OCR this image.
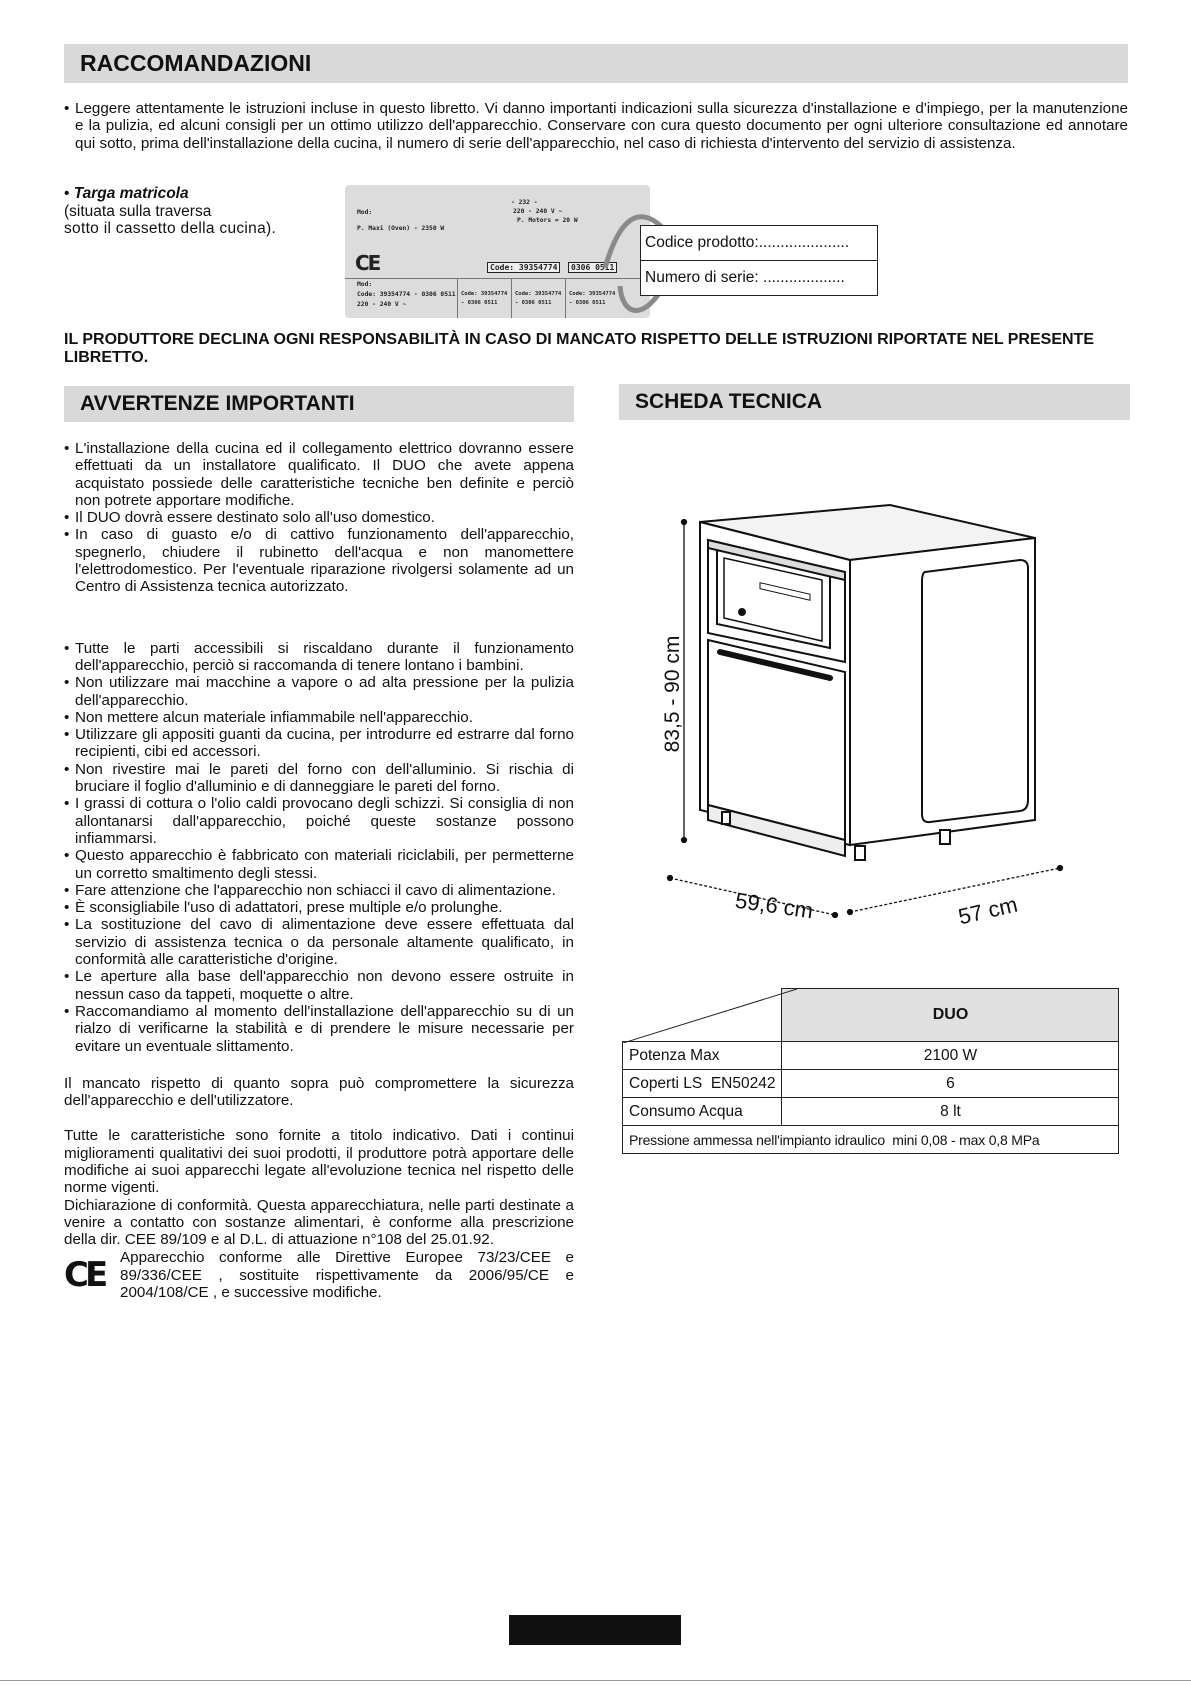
RACCOMANDAZIONI
• Leggere attentamente le istruzioni incluse in questo libretto. Vi danno importanti indicazioni sulla sicurezza d'installazione e d'impiego, per la manutenzione e la pulizia, ed alcuni consigli per un ottimo utilizzo dell'apparecchio. Conservare con cura questo documento per ogni ulteriore consultazione ed annotare qui sotto, prima dell'installazione della cucina, il numero di serie dell'apparecchio, nel caso di richiesta d'intervento del servizio di assistenza.
• Targa matricola
(situata sulla traversa
sotto il cassetto della cucina).
Mod:
P. Maxi (Oven) - 2350 W
- 232 -
220 - 240 V ~
P. Motors = 20 W
CE	Code: 39354774	0306 0511
Mod:
Code: 39354774 - 0306 0511
220 - 240 V ~
Code: 39354774
- 0306 0511
Code: 39354774
- 0306 0511
Code: 39354774
- 0306 0511
Codice prodotto:.....................
Numero di serie: ...................
IL PRODUTTORE DECLINA OGNI RESPONSABILITÀ IN CASO DI MANCATO RISPETTO DELLE ISTRUZIONI RIPORTATE NEL PRESENTE LIBRETTO.
AVVERTENZE IMPORTANTI
• L'installazione della cucina ed il collegamento elettrico dovranno essere effettuati da un installatore qualificato. Il DUO che avete appena acquistato possiede delle caratteristiche tecniche ben definite e perciò non potrete apportare modifiche.
• Il DUO dovrà essere destinato solo all'uso domestico.
• In caso di guasto e/o di cattivo funzionamento dell'apparecchio, spegnerlo, chiudere il rubinetto dell'acqua e non manomettere l'elettrodomestico. Per l'eventuale riparazione rivolgersi solamente ad un Centro di Assistenza tecnica autorizzato.
• Tutte le parti accessibili si riscaldano durante il funzionamento dell'apparecchio, perciò si raccomanda di tenere lontano i bambini.
• Non utilizzare mai macchine a vapore o ad alta pressione per la pulizia dell'apparecchio.
• Non mettere alcun materiale infiammabile nell'apparecchio.
• Utilizzare gli appositi guanti da cucina, per introdurre ed estrarre dal forno recipienti, cibi ed accessori.
• Non rivestire mai le pareti del forno con dell'alluminio. Si rischia di bruciare il foglio d'alluminio e di danneggiare le pareti del forno.
• I grassi di cottura o l'olio caldi provocano degli schizzi. Si consiglia di non allontanarsi dall'apparecchio, poiché queste sostanze possono infiammarsi.
• Questo apparecchio è fabbricato con materiali riciclabili, per permetterne un corretto smaltimento degli stessi.
• Fare attenzione che l'apparecchio non schiacci il cavo di alimentazione.
• È sconsigliabile l'uso di adattatori, prese multiple e/o prolunghe.
• La sostituzione del cavo di alimentazione deve essere effettuata dal servizio di assistenza tecnica o da personale altamente qualificato, in conformità alle caratteristiche d'origine.
• Le aperture alla base dell'apparecchio non devono essere ostruite in nessun caso da tappeti, moquette o altre.
• Raccomandiamo al momento dell'installazione dell'apparecchio su di un rialzo di verificarne la stabilità e di prendere le misure necessarie per evitare un eventuale slittamento.
Il mancato rispetto di quanto sopra può compromettere la sicurezza dell'apparecchio e dell'utilizzatore.
Tutte le caratteristiche sono fornite a titolo indicativo. Dati i continui miglioramenti qualitativi dei suoi prodotti, il produttore potrà apportare delle modifiche ai suoi apparecchi legate all'evoluzione tecnica nel rispetto delle norme vigenti.
Dichiarazione di conformità. Questa apparecchiatura, nelle parti destinate a venire a contatto con sostanze alimentari, è conforme alla prescrizione della dir. CEE 89/109 e al D.L. di attuazione n°108 del 25.01.92.
CE Apparecchio conforme alle Direttive Europee 73/23/CEE e 89/336/CEE , sostituite rispettivamente da 2006/95/CE e 2004/108/CE , e successive modifiche.
SCHEDA TECNICA
83,5 - 90 cm
59,6 cm	57 cm
	DUO
Potenza Max	2100 W
Coperti LS  EN50242	6
Consumo Acqua	8 lt
Pressione ammessa nell'impianto idraulico  mini 0,08 - max 0,8 MPa	
